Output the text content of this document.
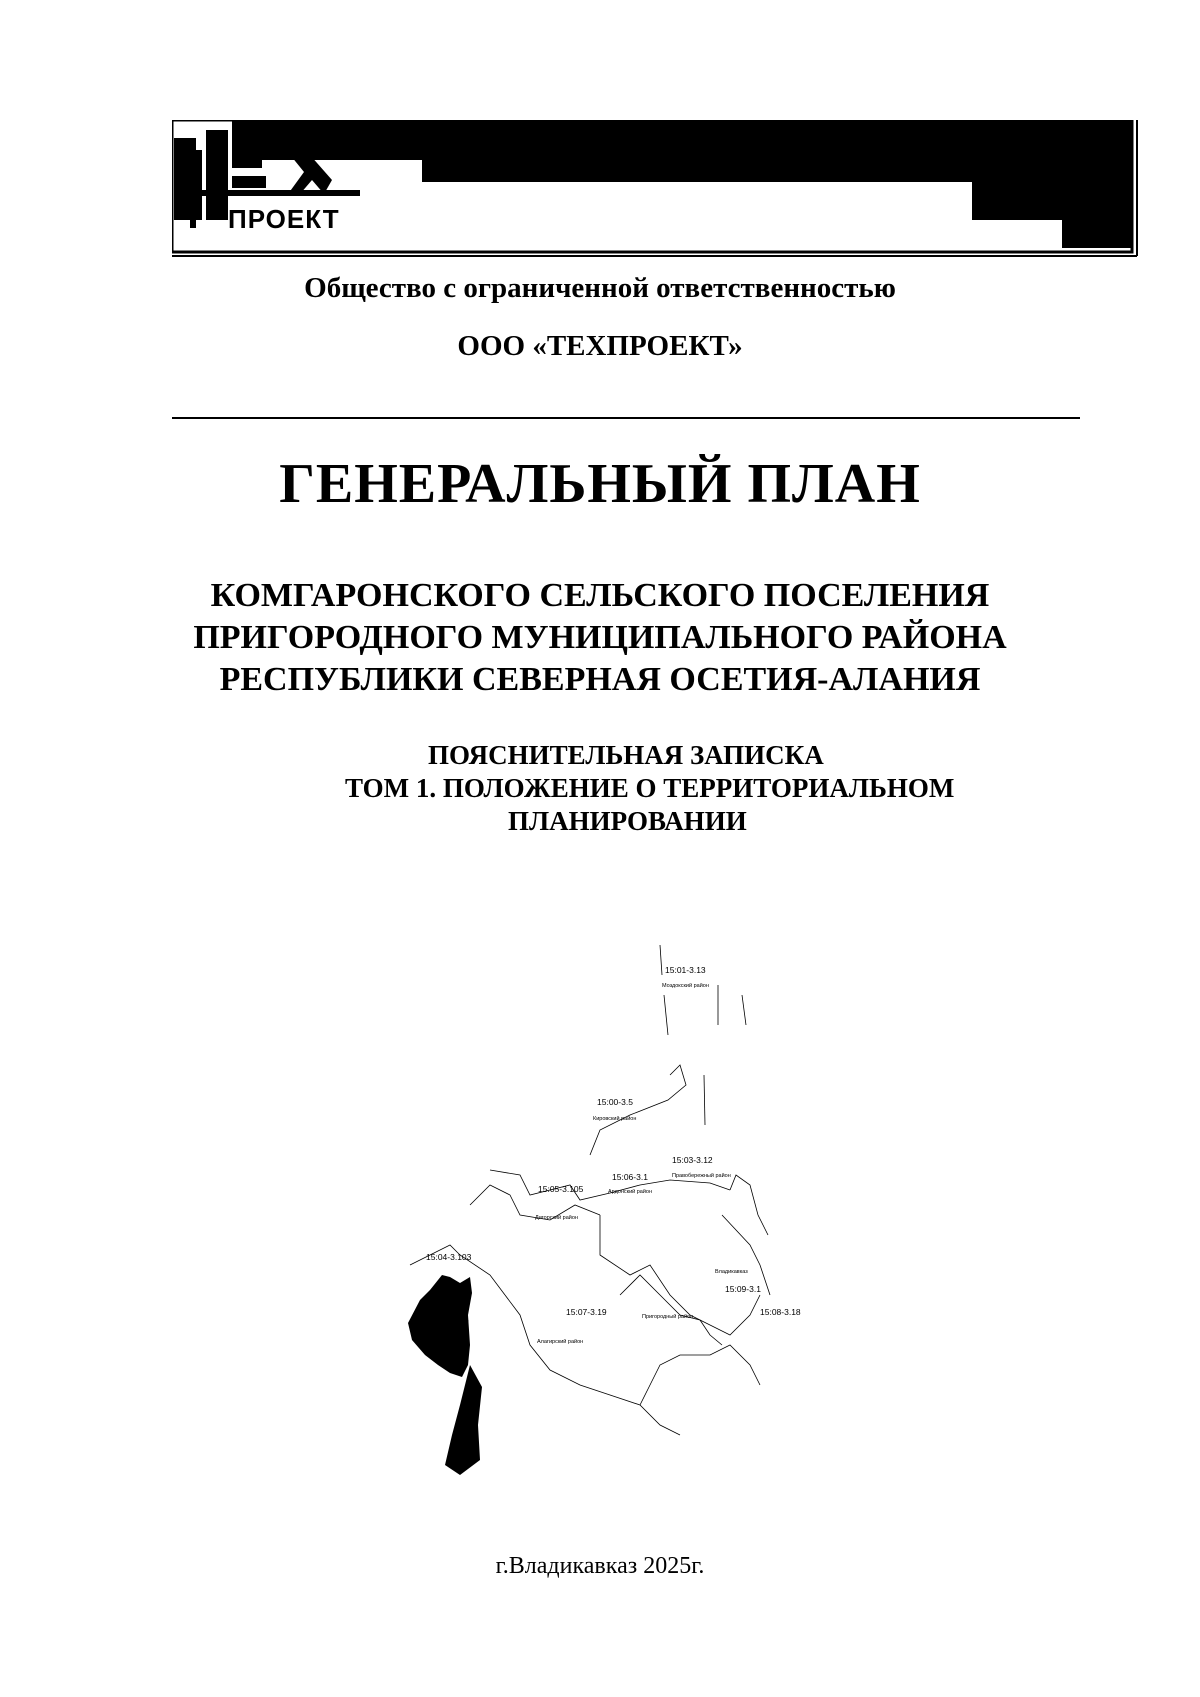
ПРОЕКТ
Общество с ограниченной ответственностью
ООО «ТЕХПРОЕКТ»
ГЕНЕРАЛЬНЫЙ ПЛАН
КОМГАРОНСКОГО СЕЛЬСКОГО ПОСЕЛЕНИЯ
ПРИГОРОДНОГО МУНИЦИПАЛЬНОГО РАЙОНА
РЕСПУБЛИКИ СЕВЕРНАЯ ОСЕТИЯ-АЛАНИЯ
ПОЯСНИТЕЛЬНАЯ ЗАПИСКА
ТОМ 1. ПОЛОЖЕНИЕ О ТЕРРИТОРИАЛЬНОМ
ПЛАНИРОВАНИИ
15:01-3.13
Моздокский район
15:00-3.5
Кировский район
15:03-3.12
Правобережный район
15:06-3.1
Ардонский район
15:05-3.105
Дигорский район
15:04-3.103
Ирафский район
15:07-3.19
Алагирский район
Пригородный район
Владикавказ
15:09-3.1
15:08-3.18
г.Владикавказ 2025г.
